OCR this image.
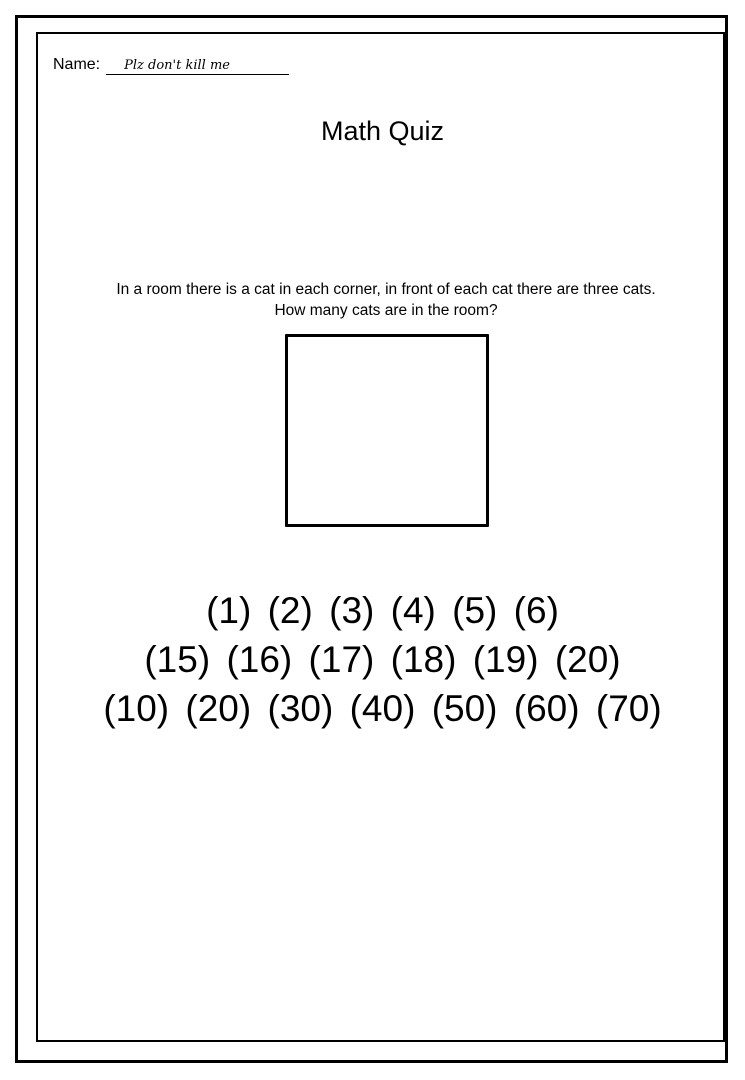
Name:	Plz don't kill me
Math Quiz
In a room there is a cat in each corner, in front of each cat there are three cats.
How many cats are in the room?
(1) (2) (3) (4) (5) (6)
(15) (16) (17) (18) (19) (20)
(10) (20) (30) (40) (50) (60) (70)
